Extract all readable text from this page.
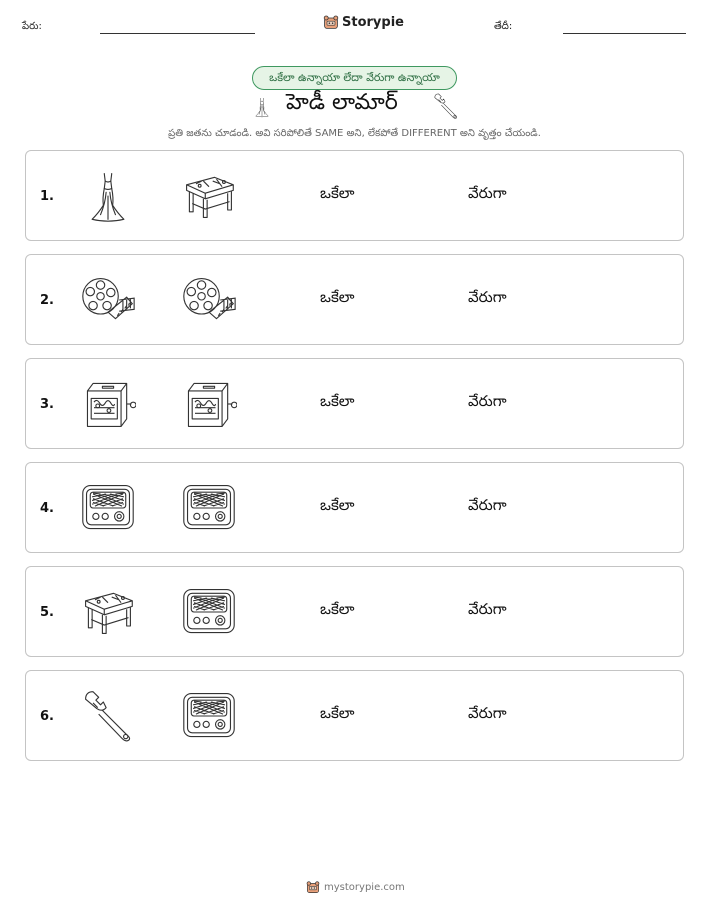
పేరు:	Storypie	తేదీ:
ఒకేలా ఉన్నాయా లేదా వేరుగా ఉన్నాయా
హెడీ లామార్
ప్రతి జతను చూడండి. అవి సరిపోలితే SAME అని, లేకపోతే DIFFERENT అని వృత్తం చేయండి.
1.	ఒకేలా	వేరుగా
2.	ఒకేలా	వేరుగా
3.	ఒకేలా	వేరుగా
4.	ఒకేలా	వేరుగా
5.	ఒకేలా	వేరుగా
6.	ఒకేలా	వేరుగా
mystorypie.com
